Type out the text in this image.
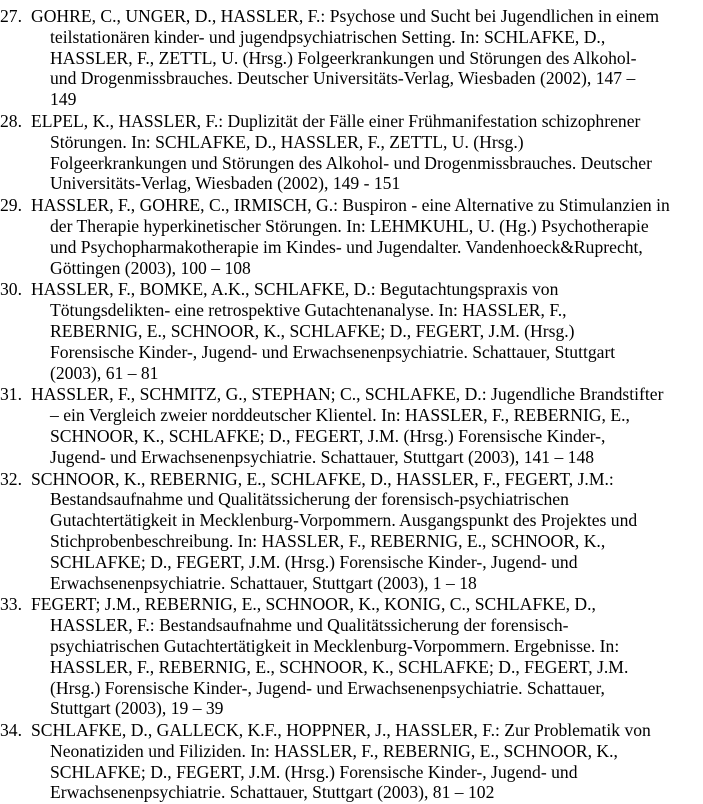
27. GOHRE, C., UNGER, D., HASSLER, F.: Psychose und Sucht bei Jugendlichen in einem
teilstationären kinder- und jugendpsychiatrischen Setting. In: SCHLAFKE, D.,
HASSLER, F., ZETTL, U. (Hrsg.) Folgeerkrankungen und Störungen des Alkohol-
und Drogenmissbrauches. Deutscher Universitäts-Verlag, Wiesbaden (2002), 147 –
149
28. ELPEL, K., HASSLER, F.: Duplizität der Fälle einer Frühmanifestation schizophrener
Störungen. In: SCHLAFKE, D., HASSLER, F., ZETTL, U. (Hrsg.)
Folgeerkrankungen und Störungen des Alkohol- und Drogenmissbrauches. Deutscher
Universitäts-Verlag, Wiesbaden (2002), 149 - 151
29. HASSLER, F., GOHRE, C., IRMISCH, G.: Buspiron - eine Alternative zu Stimulanzien in
der Therapie hyperkinetischer Störungen. In: LEHMKUHL, U. (Hg.) Psychotherapie
und Psychopharmakotherapie im Kindes- und Jugendalter. Vandenhoeck&Ruprecht,
Göttingen (2003), 100 – 108
30. HASSLER, F., BOMKE, A.K., SCHLAFKE, D.: Begutachtungspraxis von
Tötungsdelikten- eine retrospektive Gutachtenanalyse. In: HASSLER, F.,
REBERNIG, E., SCHNOOR, K., SCHLAFKE; D., FEGERT, J.M. (Hrsg.)
Forensische Kinder-, Jugend- und Erwachsenenpsychiatrie. Schattauer, Stuttgart
(2003), 61 – 81
31. HASSLER, F., SCHMITZ, G., STEPHAN; C., SCHLAFKE, D.: Jugendliche Brandstifter
– ein Vergleich zweier norddeutscher Klientel. In: HASSLER, F., REBERNIG, E.,
SCHNOOR, K., SCHLAFKE; D., FEGERT, J.M. (Hrsg.) Forensische Kinder-,
Jugend- und Erwachsenenpsychiatrie. Schattauer, Stuttgart (2003), 141 – 148
32. SCHNOOR, K., REBERNIG, E., SCHLAFKE, D., HASSLER, F., FEGERT, J.M.:
Bestandsaufnahme und Qualitätssicherung der forensisch-psychiatrischen
Gutachtertätigkeit in Mecklenburg-Vorpommern. Ausgangspunkt des Projektes und
Stichprobenbeschreibung. In: HASSLER, F., REBERNIG, E., SCHNOOR, K.,
SCHLAFKE; D., FEGERT, J.M. (Hrsg.) Forensische Kinder-, Jugend- und
Erwachsenenpsychiatrie. Schattauer, Stuttgart (2003), 1 – 18
33. FEGERT; J.M., REBERNIG, E., SCHNOOR, K., KONIG, C., SCHLAFKE, D.,
HASSLER, F.: Bestandsaufnahme und Qualitätssicherung der forensisch-
psychiatrischen Gutachtertätigkeit in Mecklenburg-Vorpommern. Ergebnisse. In:
HASSLER, F., REBERNIG, E., SCHNOOR, K., SCHLAFKE; D., FEGERT, J.M.
(Hrsg.) Forensische Kinder-, Jugend- und Erwachsenenpsychiatrie. Schattauer,
Stuttgart (2003), 19 – 39
34. SCHLAFKE, D., GALLECK, K.F., HOPPNER, J., HASSLER, F.: Zur Problematik von
Neonatiziden und Filiziden. In: HASSLER, F., REBERNIG, E., SCHNOOR, K.,
SCHLAFKE; D., FEGERT, J.M. (Hrsg.) Forensische Kinder-, Jugend- und
Erwachsenenpsychiatrie. Schattauer, Stuttgart (2003), 81 – 102
